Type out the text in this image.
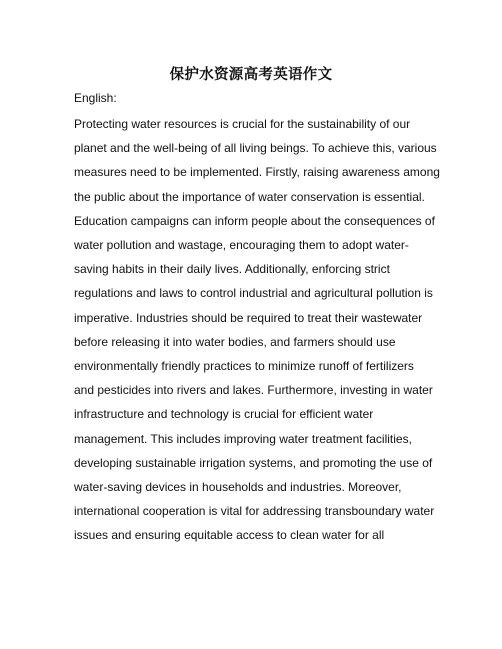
保护水资源高考英语作文
English:

Protecting water resources is crucial for the sustainability of our
planet and the well-being of all living beings. To achieve this, various
measures need to be implemented. Firstly, raising awareness among
the public about the importance of water conservation is essential.
Education campaigns can inform people about the consequences of
water pollution and wastage, encouraging them to adopt water-
saving habits in their daily lives. Additionally, enforcing strict
regulations and laws to control industrial and agricultural pollution is
imperative. Industries should be required to treat their wastewater
before releasing it into water bodies, and farmers should use
environmentally friendly practices to minimize runoff of fertilizers
and pesticides into rivers and lakes. Furthermore, investing in water
infrastructure and technology is crucial for efficient water
management. This includes improving water treatment facilities,
developing sustainable irrigation systems, and promoting the use of
water-saving devices in households and industries. Moreover,
international cooperation is vital for addressing transboundary water
issues and ensuring equitable access to clean water for all
